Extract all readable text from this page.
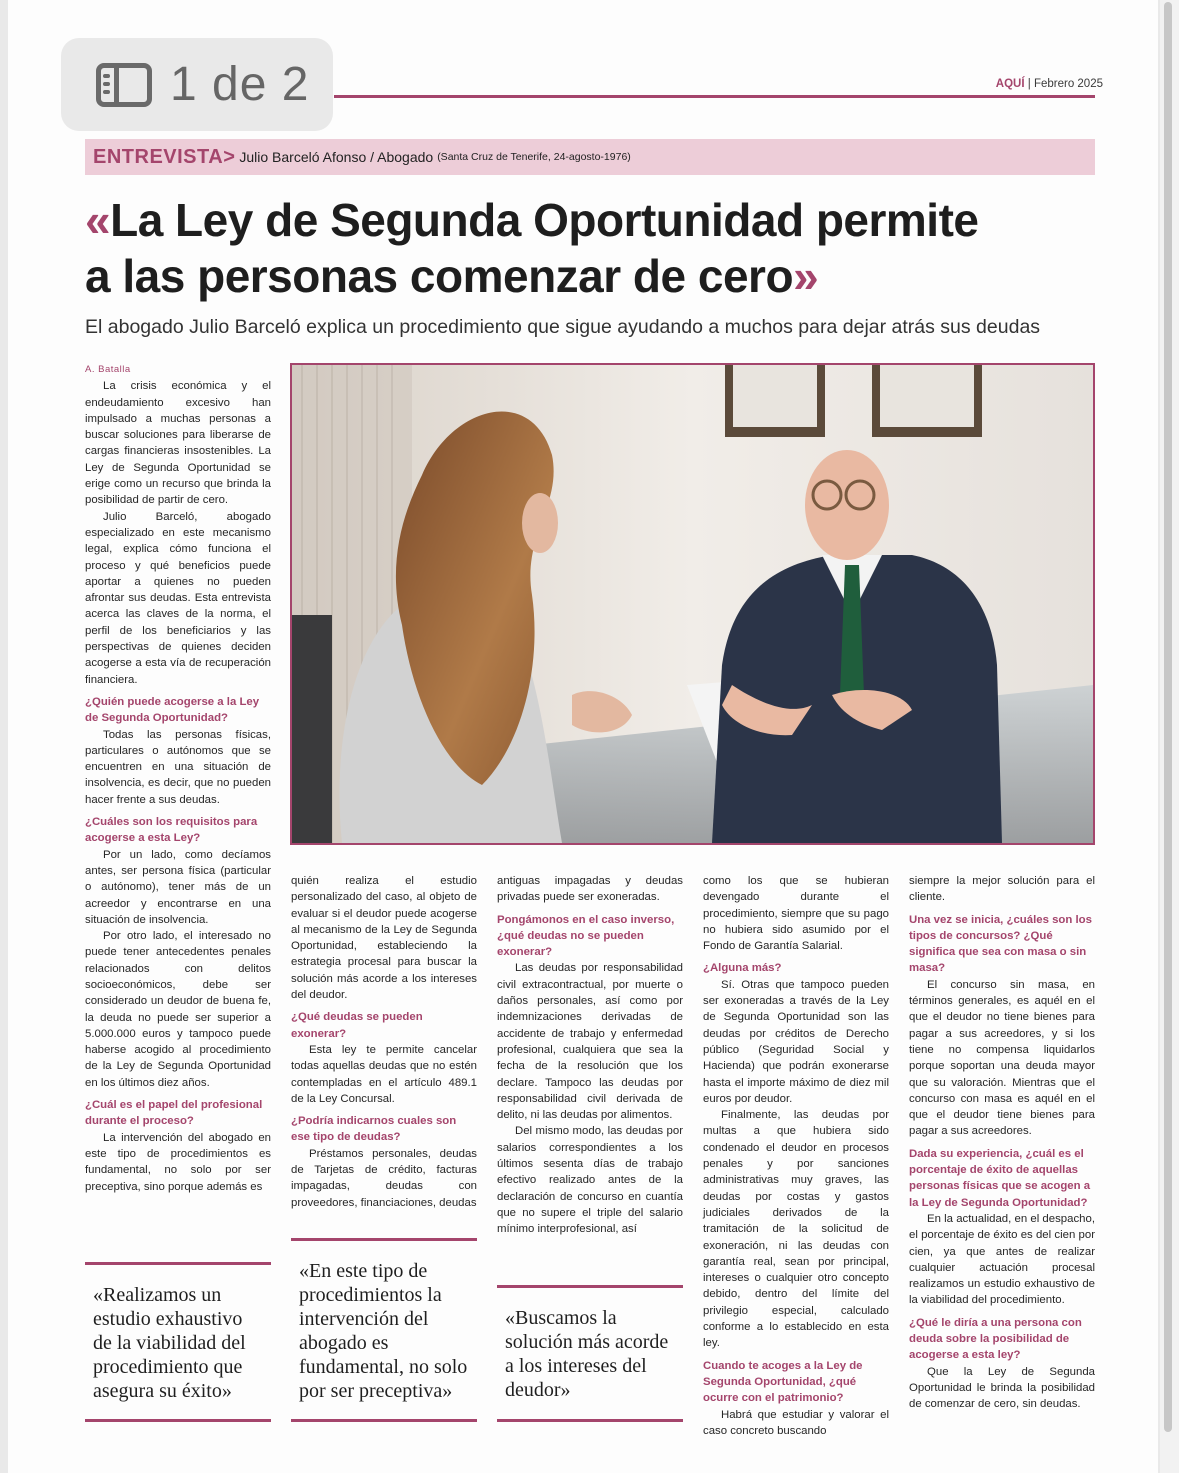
AQUÍ | Febrero 2025
1 de 2
ENTREVISTA> Julio Barceló Afonso / Abogado (Santa Cruz de Tenerife, 24-agosto-1976)
«La Ley de Segunda Oportunidad permite
a las personas comenzar de cero»
El abogado Julio Barceló explica un procedimiento que sigue ayudando a muchos para dejar atrás sus deudas
A. Batalla

La crisis económica y el endeudamiento excesivo han impulsado a muchas personas a buscar soluciones para liberarse de cargas financieras insostenibles. La Ley de Segunda Oportunidad se erige como un recurso que brinda la posibilidad de partir de cero.

Julio Barceló, abogado especializado en este mecanismo legal, explica cómo funciona el proceso y qué beneficios puede aportar a quienes no pueden afrontar sus deudas. Esta entrevista acerca las claves de la norma, el perfil de los beneficiarios y las perspectivas de quienes deciden acogerse a esta vía de recuperación financiera.

¿Quién puede acogerse a la Ley de Segunda Oportunidad?

Todas las personas físicas, particulares o autónomos que se encuentren en una situación de insolvencia, es decir, que no pueden hacer frente a sus deudas.

¿Cuáles son los requisitos para acogerse a esta Ley?

Por un lado, como decíamos antes, ser persona física (particular o autónomo), tener más de un acreedor y encontrarse en una situación de insolvencia.

Por otro lado, el interesado no puede tener antecedentes penales relacionados con delitos socioeconómicos, debe ser considerado un deudor de buena fe, la deuda no puede ser superior a 5.000.000 euros y tampoco puede haberse acogido al procedimiento de la Ley de Segunda Oportunidad en los últimos diez años.

¿Cuál es el papel del profesional durante el proceso?

La intervención del abogado en este tipo de procedimientos es fundamental, no solo por ser preceptiva, sino porque además es

quién realiza el estudio personalizado del caso, al objeto de evaluar si el deudor puede acogerse al mecanismo de la Ley de Segunda Oportunidad, estableciendo la estrategia procesal para buscar la solución más acorde a los intereses del deudor.

¿Qué deudas se pueden exonerar?

Esta ley te permite cancelar todas aquellas deudas que no estén contempladas en el artículo 489.1 de la Ley Concursal.

¿Podría indicarnos cuales son ese tipo de deudas?

Préstamos personales, deudas de Tarjetas de crédito, facturas impagadas, deudas con proveedores, financiaciones, deudas

antiguas impagadas y deudas privadas puede ser exoneradas.

Pongámonos en el caso inverso, ¿qué deudas no se pueden exonerar?

Las deudas por responsabilidad civil extracontractual, por muerte o daños personales, así como por indemnizaciones derivadas de accidente de trabajo y enfermedad profesional, cualquiera que sea la fecha de la resolución que los declare. Tampoco las deudas por responsabilidad civil derivada de delito, ni las deudas por alimentos.

Del mismo modo, las deudas por salarios correspondientes a los últimos sesenta días de trabajo efectivo realizado antes de la declaración de concurso en cuantía que no supere el triple del salario mínimo interprofesional, así

como los que se hubieran devengado durante el procedimiento, siempre que su pago no hubiera sido asumido por el Fondo de Garantía Salarial.

¿Alguna más?

Sí. Otras que tampoco pueden ser exoneradas a través de la Ley de Segunda Oportunidad son las deudas por créditos de Derecho público (Seguridad Social y Hacienda) que podrán exonerarse hasta el importe máximo de diez mil euros por deudor.

Finalmente, las deudas por multas a que hubiera sido condenado el deudor en procesos penales y por sanciones administrativas muy graves, las deudas por costas y gastos judiciales derivados de la tramitación de la solicitud de exoneración, ni las deudas con garantía real, sean por principal, intereses o cualquier otro concepto debido, dentro del límite del privilegio especial, calculado conforme a lo establecido en esta ley.

Cuando te acoges a la Ley de Segunda Oportunidad, ¿qué ocurre con el patrimonio?

Habrá que estudiar y valorar el caso concreto buscando

siempre la mejor solución para el cliente.

Una vez se inicia, ¿cuáles son los tipos de concursos? ¿Qué significa que sea con masa o sin masa?

El concurso sin masa, en términos generales, es aquél en el que el deudor no tiene bienes para pagar a sus acreedores, y si los tiene no compensa liquidarlos porque soportan una deuda mayor que su valoración. Mientras que el concurso con masa es aquél en el que el deudor tiene bienes para pagar a sus acreedores.

Dada su experiencia, ¿cuál es el porcentaje de éxito de aquellas personas físicas que se acogen a la Ley de Segunda Oportunidad?

En la actualidad, en el despacho, el porcentaje de éxito es del cien por cien, ya que antes de realizar cualquier actuación procesal realizamos un estudio exhaustivo de la viabilidad del procedimiento.

¿Qué le diría a una persona con deuda sobre la posibilidad de acogerse a esta ley?

Que la Ley de Segunda Oportunidad le brinda la posibilidad de comenzar de cero, sin deudas.

«Realizamos un estudio exhaustivo de la viabilidad del procedimiento que asegura su éxito»
«En este tipo de procedimientos la intervención del abogado es fundamental, no solo por ser preceptiva»
«Buscamos la solución más acorde a los intereses del deudor»
